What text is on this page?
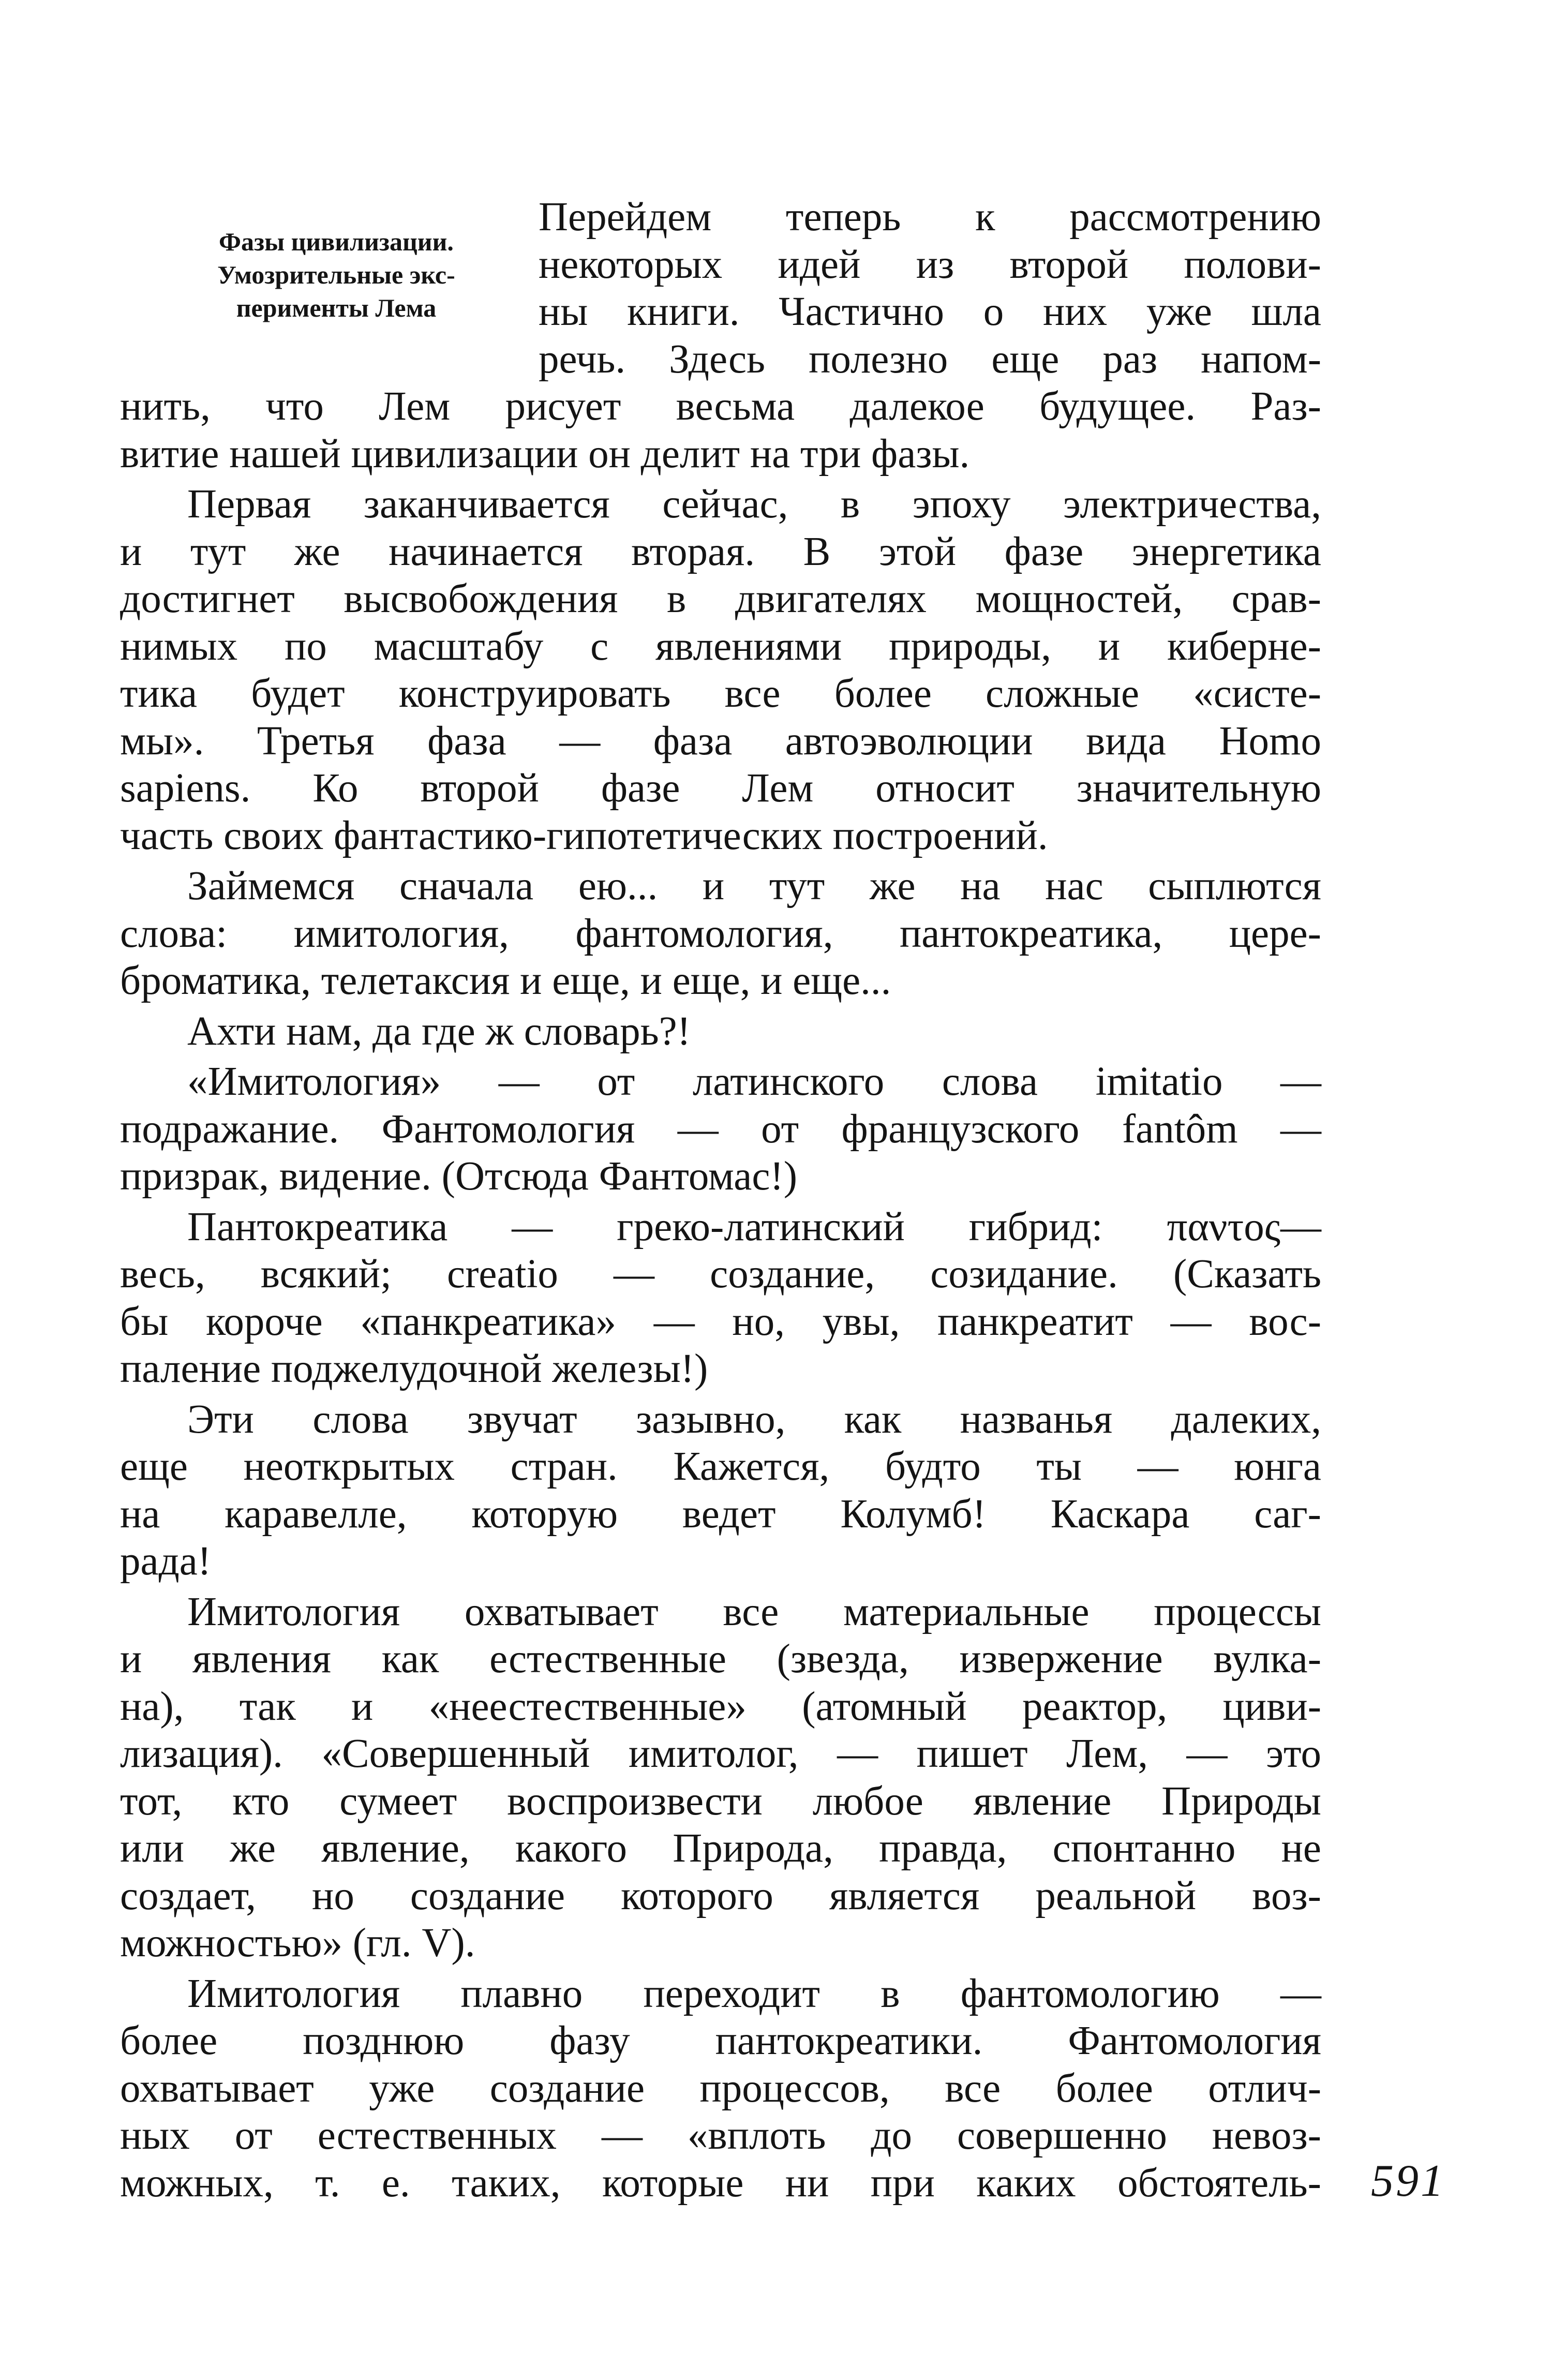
Фазы цивилизации.
Умозрительные экс-
перименты Лема
Перейдем теперь к рассмотрению
некоторых идей из второй полови-
ны книги. Частично о них уже шла
речь. Здесь полезно еще раз напом-
нить, что Лем рисует весьма далекое будущее. Раз-
витие нашей цивилизации он делит на три фазы.
Первая заканчивается сейчас, в эпоху электричества,
и тут же начинается вторая. В этой фазе энергетика
достигнет высвобождения в двигателях мощностей, срав-
нимых по масштабу с явлениями природы, и киберне-
тика будет конструировать все более сложные «систе-
мы». Третья фаза — фаза автоэволюции вида Homo
sapiens. Ко второй фазе Лем относит значительную
часть своих фантастико-гипотетических построений.
Займемся сначала ею... и тут же на нас сыплются
слова: имитология, фантомология, пантокреатика, цере-
броматика, телетаксия и еще, и еще, и еще...
Ахти нам, да где ж словарь?!
«Имитология» — от латинского слова imitatio —
подражание. Фантомология — от французского fantôm —
призрак, видение. (Отсюда Фантомас!)
Пантокреатика — греко-латинский гибрид: παντος—
весь, всякий; creatio — создание, созидание. (Сказать
бы короче «панкреатика» — но, увы, панкреатит — вос-
паление поджелудочной железы!)
Эти слова звучат зазывно, как названья далеких,
еще неоткрытых стран. Кажется, будто ты — юнга
на каравелле, которую ведет Колумб! Каскара саг-
рада!
Имитология охватывает все материальные процессы
и явления как естественные (звезда, извержение вулка-
на), так и «неестественные» (атомный реактор, циви-
лизация). «Совершенный имитолог, — пишет Лем, — это
тот, кто сумеет воспроизвести любое явление Природы
или же явление, какого Природа, правда, спонтанно не
создает, но создание которого является реальной воз-
можностью» (гл. V).
Имитология плавно переходит в фантомологию —
более позднюю фазу пантокреатики. Фантомология
охватывает уже создание процессов, все более отлич-
ных от естественных — «вплоть до совершенно невоз-
можных, т. е. таких, которые ни при каких обстоятель- 591
